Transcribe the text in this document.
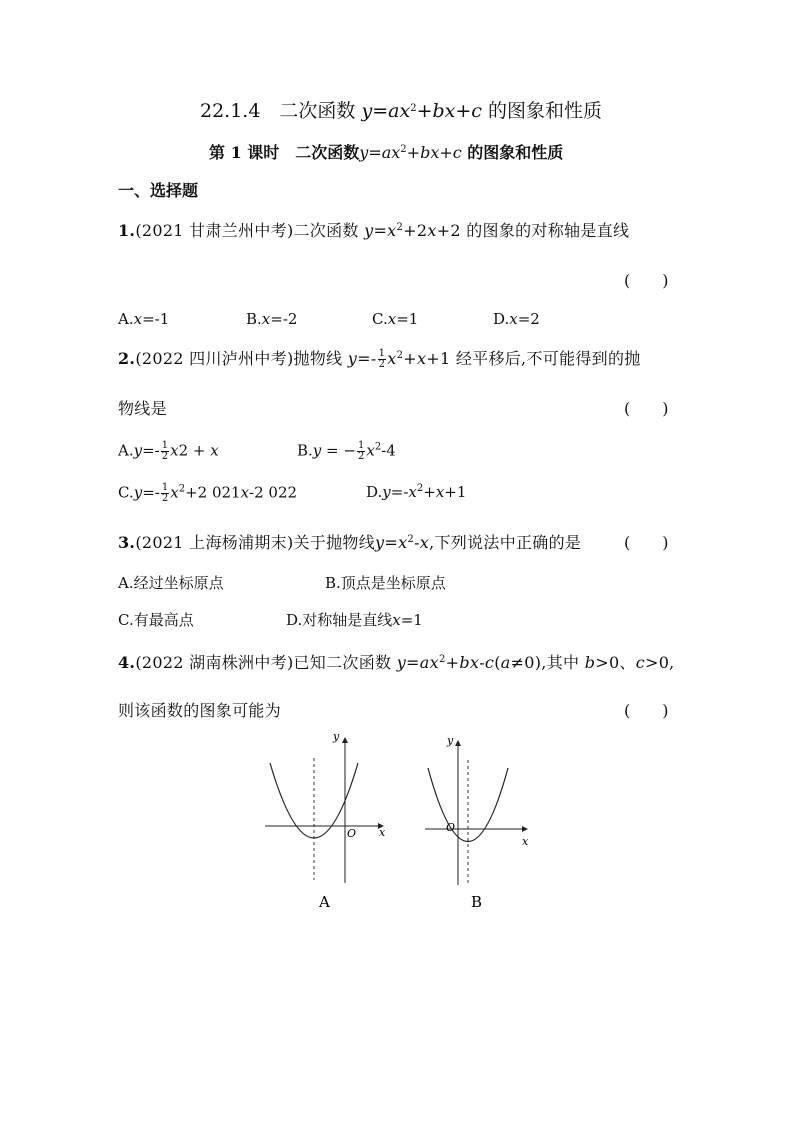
22.1.4　二次函数 $y=ax^2+bx+c$ 的图象和性质
第 1 课时　二次函数$y=ax^2+bx+c$ 的图象和性质
一、选择题
1.(2021 甘肃兰州中考)二次函数 $y=x^2+2x+2$ 的图象的对称轴是直线
(　　)
A.x=-1	B.x=-2	C.x=1	D.x=2
2.(2022 四川泸州中考)抛物线 $y=- \frac{1}{2} x^2+x+1$ 经平移后,不可能得到的抛
物线是	(　　)
$A.y=- \frac{1}{2} x2 + x$	B.y = − $\frac{1}{2} x^2-4$
$C.y=- \frac{1}{2} x^2+2$ 021x-2 022	$D.y=-x^2+x+1$
3.(2021 上海杨浦期末)关于抛物线$y=x^2-x$,下列说法中正确的是	(　　)
A.经过坐标原点	B.顶点是坐标原点
C.有最高点	D.对称轴是直线x=1
4.(2022 湖南株洲中考)已知二次函数 $y=ax^2+bx-c(a\ne 0)$,其中 b>0、c>0,
则该函数的图象可能为	(　　)
y
x
O
A
y
x
O
B
